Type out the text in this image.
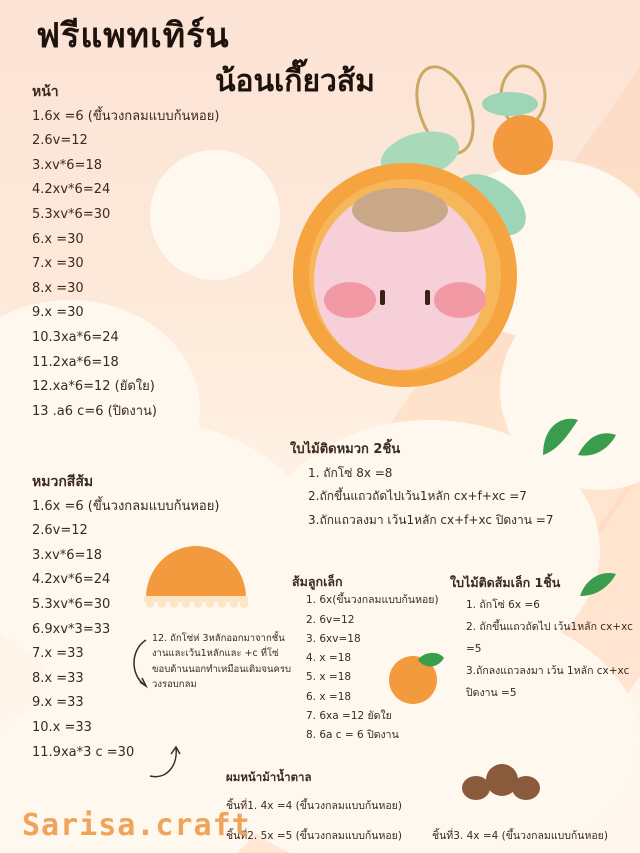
ฟรีแพทเทิร์น
น้อนเกี๊ยวส้ม
หน้า
1.6x =6 (ขึ้นวงกลมแบบก้นหอย)
2.6v=12
3.xv*6=18
4.2xv*6=24
5.3xv*6=30
6.x =30
7.x =30
8.x =30
9.x =30
10.3xa*6=24
11.2xa*6=18
12.xa*6=12 (ยัดใย)
13 .a6 c=6 (ปิดงาน)
หมวกสีส้ม
1.6x =6 (ขึ้นวงกลมแบบก้นหอย)
2.6v=12
3.xv*6=18
4.2xv*6=24
5.3xv*6=30
6.9xv*3=33
7.x =33
8.x =33
9.x =33
10.x =33
11.9xa*3 c =30
12. ถักโซ่ห่ 3หลักออกมาจากชั้นงานและเว้น1หลักและ +c ที่โซ่ขอบด้านนอกทำเหมือนเดิมจนครบวงรอบกลม
ใบไม้ติดหมวก 2ชิ้น
1. ถักโซ่ 8x =8
2.ถักขึ้นแถวถัดไปเว้น1หลัก cx+f+xc =7
3.ถักแถวลงมา เว้น1หลัก cx+f+xc ปิดงาน =7
ส้มลูกเล็ก
1. 6x(ขึ้นวงกลมแบบก้นหอย)
2. 6v=12
3. 6xv=18
4. x =18
5. x =18
6. x =18
7. 6xa =12 ยัดใย
8. 6a c = 6 ปิดงาน
ใบไม้ติดส้มเล็ก 1ชิ้น
1. ถักโซ่ 6x =6
2. ถักขึ้นแถวถัดไป เว้น1หลัก cx+xc =5
3.ถักลงแถวลงมา เว้น 1หลัก cx+xc ปิดงาน =5
ผมหน้าม้าน้ำตาล
ชิ้นที่1. 4x =4 (ขึ้นวงกลมแบบก้นหอย)
ชิ้นที่2. 5x =5 (ขึ้นวงกลมแบบก้นหอย)	ชิ้นที่3. 4x =4 (ขึ้นวงกลมแบบก้นหอย)
Sarisa.craft
